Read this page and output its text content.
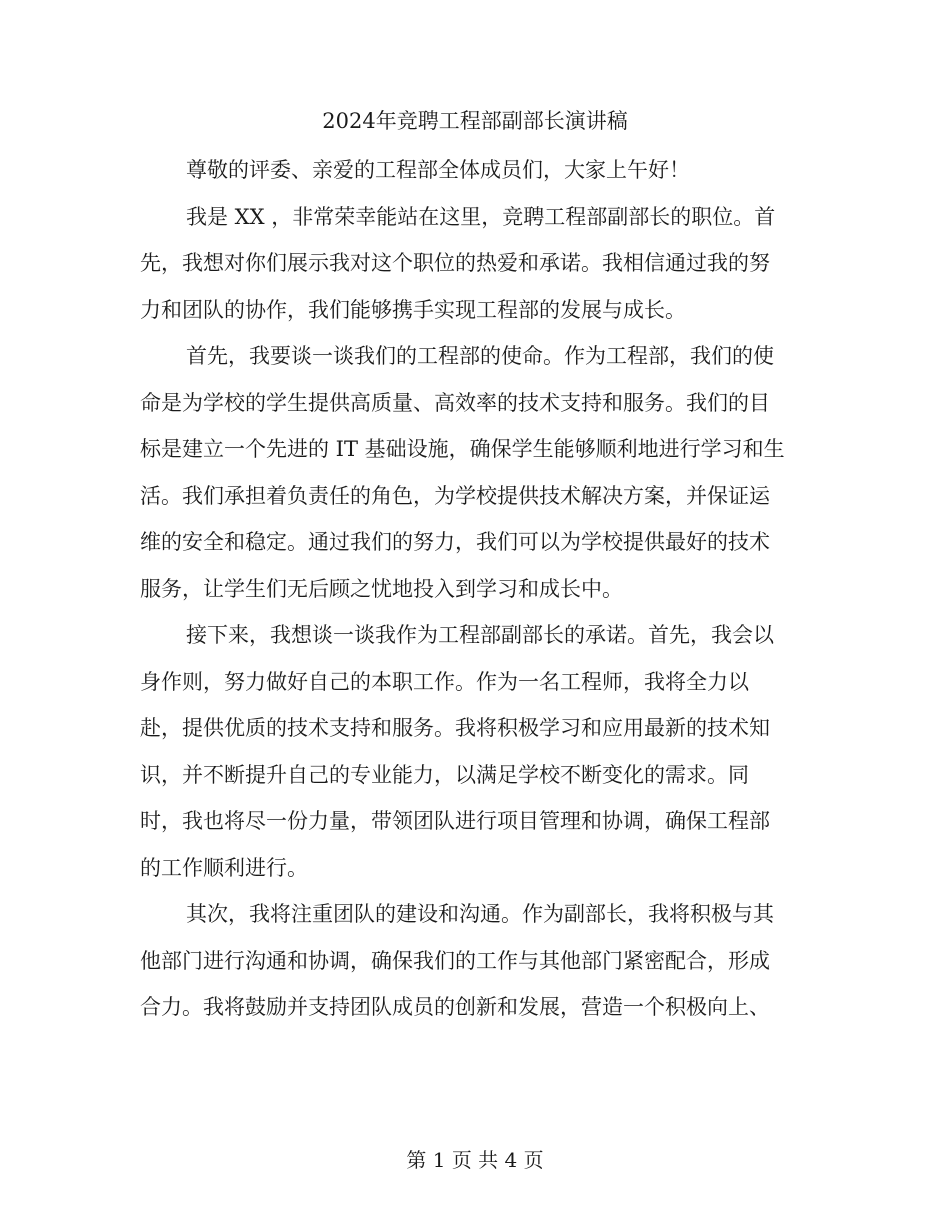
2024年竞聘工程部副部长演讲稿
尊敬的评委、亲爱的工程部全体成员们，大家上午好！
我是 XX ，非常荣幸能站在这里，竞聘工程部副部长的职位。首
先，我想对你们展示我对这个职位的热爱和承诺。我相信通过我的努
力和团队的协作，我们能够携手实现工程部的发展与成长。
首先，我要谈一谈我们的工程部的使命。作为工程部，我们的使
命是为学校的学生提供高质量、高效率的技术支持和服务。我们的目
标是建立一个先进的 IT 基础设施，确保学生能够顺利地进行学习和生
活。我们承担着负责任的角色，为学校提供技术解决方案，并保证运
维的安全和稳定。通过我们的努力，我们可以为学校提供最好的技术
服务，让学生们无后顾之忧地投入到学习和成长中。
接下来，我想谈一谈我作为工程部副部长的承诺。首先，我会以
身作则，努力做好自己的本职工作。作为一名工程师，我将全力以
赴，提供优质的技术支持和服务。我将积极学习和应用最新的技术知
识，并不断提升自己的专业能力，以满足学校不断变化的需求。同
时，我也将尽一份力量，带领团队进行项目管理和协调，确保工程部
的工作顺利进行。
其次，我将注重团队的建设和沟通。作为副部长，我将积极与其
他部门进行沟通和协调，确保我们的工作与其他部门紧密配合，形成
合力。我将鼓励并支持团队成员的创新和发展，营造一个积极向上、
第 1 页 共 4 页
